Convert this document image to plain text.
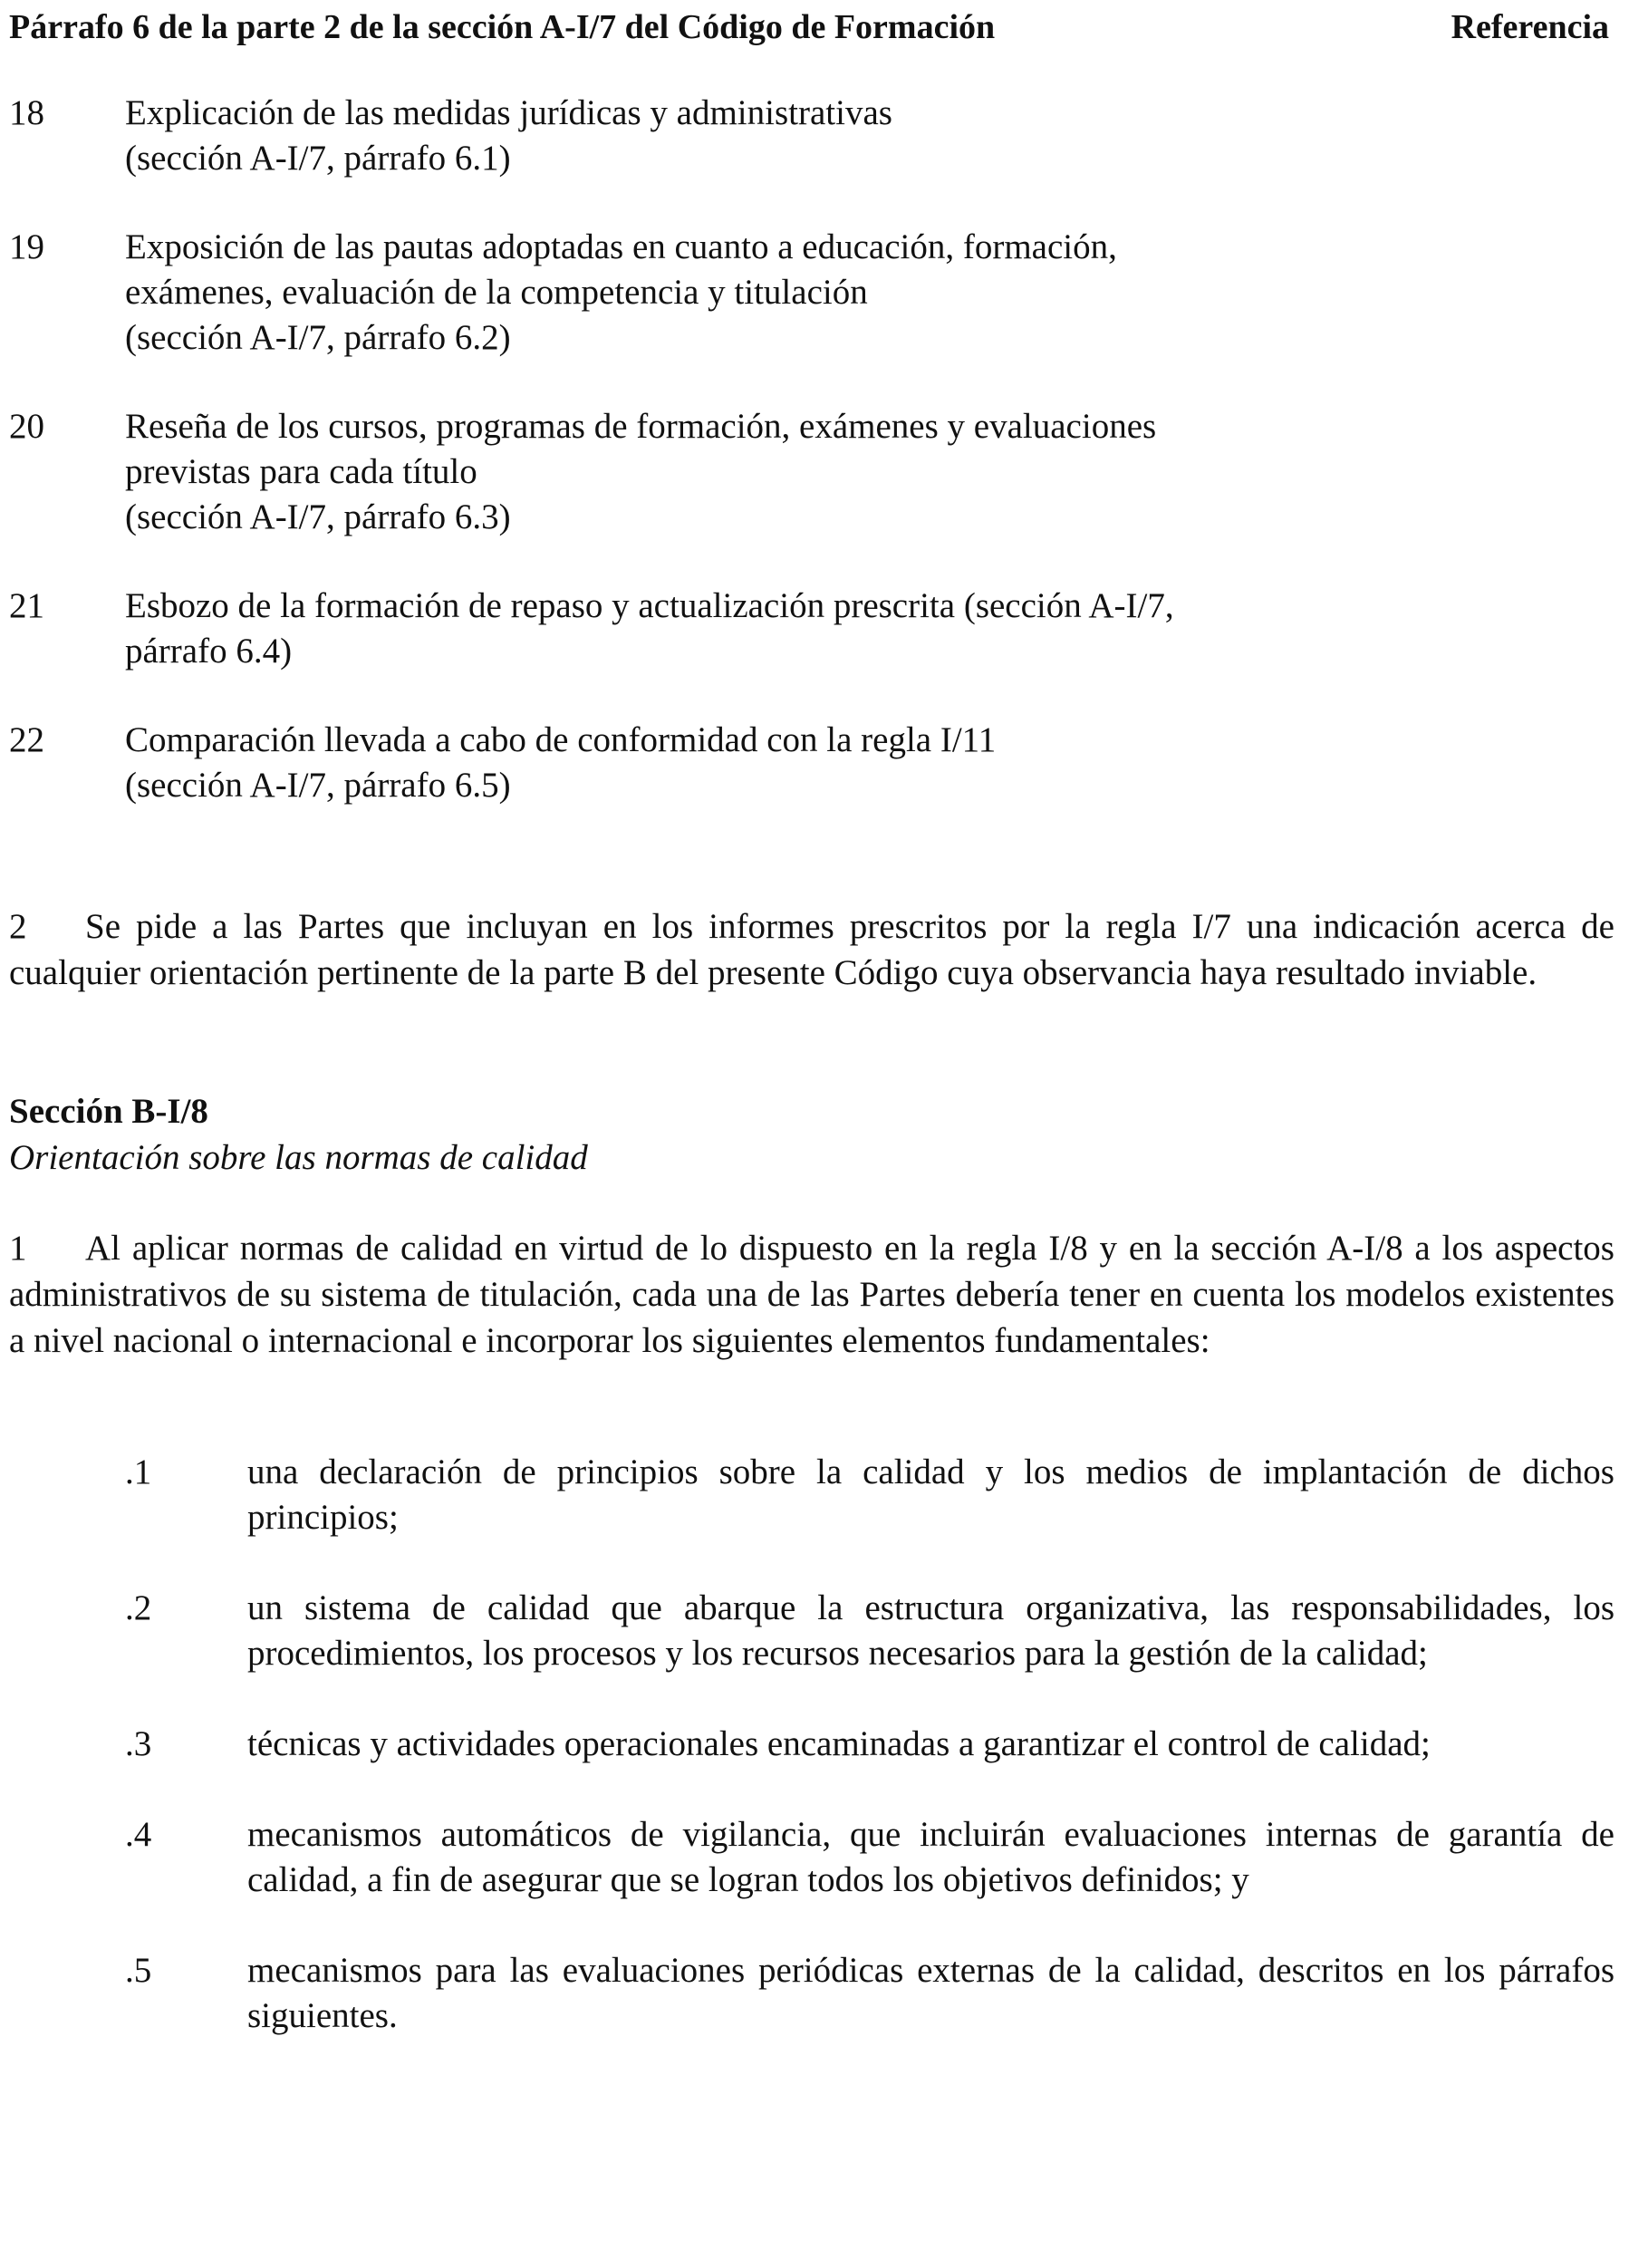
Párrafo 6 de la parte 2 de la sección A-I/7 del Código de Formación	Referencia
18	Explicación de las medidas jurídicas y administrativas
(sección A-I/7, párrafo 6.1)
19	Exposición de las pautas adoptadas en cuanto a educación, formación,
exámenes, evaluación de la competencia y titulación
(sección A-I/7, párrafo 6.2)
20	Reseña de los cursos, programas de formación, exámenes y evaluaciones
previstas para cada título
(sección A-I/7, párrafo 6.3)
21	Esbozo de la formación de repaso y actualización prescrita (sección A-I/7,
párrafo 6.4)
22	Comparación llevada a cabo de conformidad con la regla I/11
(sección A-I/7, párrafo 6.5)
2 Se pide a las Partes que incluyan en los informes prescritos por la regla I/7 una indicación acerca de cualquier orientación pertinente de la parte B del presente Código cuya observancia haya resultado inviable.
Sección B-I/8
Orientación sobre las normas de calidad
1 Al aplicar normas de calidad en virtud de lo dispuesto en la regla I/8 y en la sección A-I/8 a los aspectos administrativos de su sistema de titulación, cada una de las Partes debería tener en cuenta los modelos existentes a nivel nacional o internacional e incorporar los siguientes elementos fundamentales:
.1	una declaración de principios sobre la calidad y los medios de implantación de dichos principios;
.2	un sistema de calidad que abarque la estructura organizativa, las responsabilidades, los procedimientos, los procesos y los recursos necesarios para la gestión de la calidad;
.3	técnicas y actividades operacionales encaminadas a garantizar el control de calidad;
.4	mecanismos automáticos de vigilancia, que incluirán evaluaciones internas de garantía de calidad, a fin de asegurar que se logran todos los objetivos definidos; y
.5	mecanismos para las evaluaciones periódicas externas de la calidad, descritos en los párrafos siguientes.
